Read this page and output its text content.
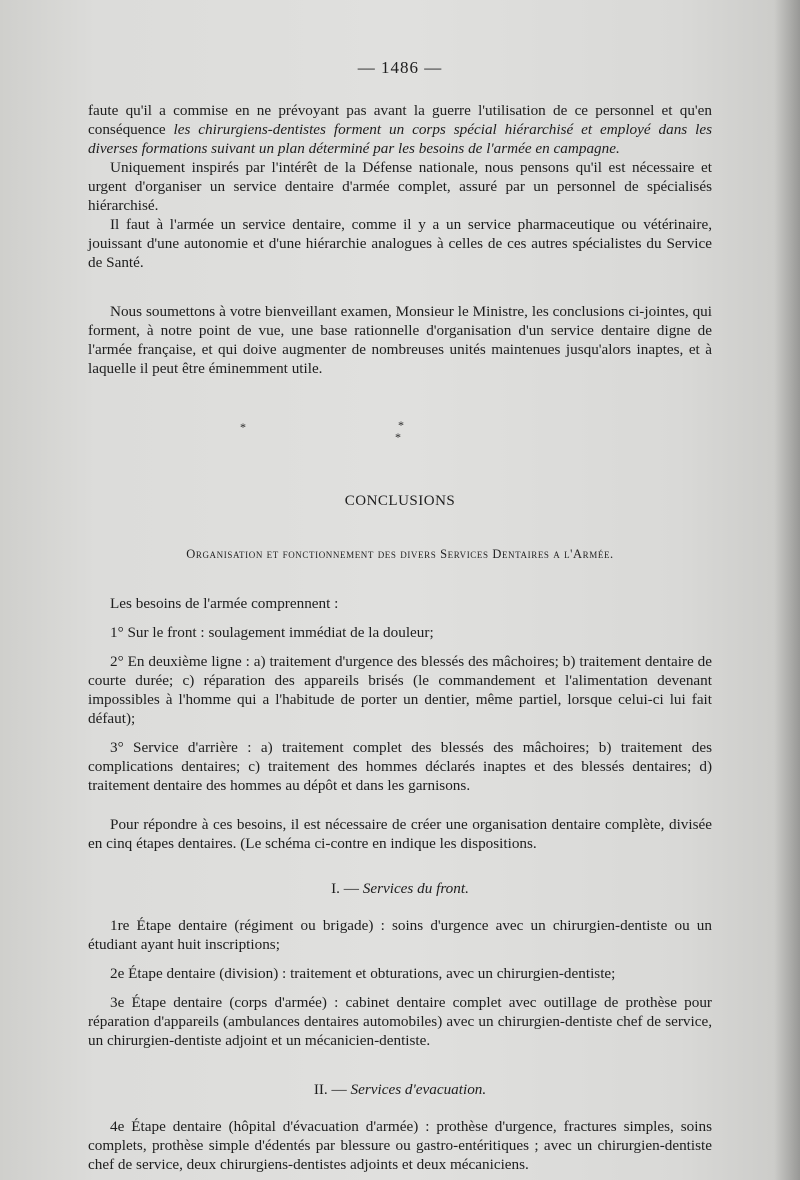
— 1486 —

faute qu'il a commise en ne prévoyant pas avant la guerre l'utilisation de ce personnel et qu'en conséquence les chirurgiens-dentistes forment un corps spécial hiérarchisé et employé dans les diverses formations suivant un plan déterminé par les besoins de l'armée en campagne.

Uniquement inspirés par l'intérêt de la Défense nationale, nous pensons qu'il est nécessaire et urgent d'organiser un service dentaire d'armée complet, assuré par un personnel de spécialisés hiérarchisé.

Il faut à l'armée un service dentaire, comme il y a un service pharmaceutique ou vétérinaire, jouissant d'une autonomie et d'une hiérarchie analogues à celles de ces autres spécialistes du Service de Santé.

Nous soumettons à votre bienveillant examen, Monsieur le Ministre, les conclusions ci-jointes, qui forment, à notre point de vue, une base rationnelle d'organisation d'un service dentaire digne de l'armée française, et qui doive augmenter de nombreuses unités maintenues jusqu'alors inaptes, et à laquelle il peut être éminemment utile.

*	*
*
CONCLUSIONS
Organisation et fonctionnement des divers Services Dentaires a l'Armée.

Les besoins de l'armée comprennent :

1° Sur le front : soulagement immédiat de la douleur;

2° En deuxième ligne : a) traitement d'urgence des blessés des mâchoires; b) traitement dentaire de courte durée; c) réparation des appareils brisés (le commandement et l'alimentation devenant impossibles à l'homme qui a l'habitude de porter un dentier, même partiel, lorsque celui-ci lui fait défaut);

3° Service d'arrière : a) traitement complet des blessés des mâchoires; b) traitement des complications dentaires; c) traitement des hommes déclarés inaptes et des blessés dentaires; d) traitement dentaire des hommes au dépôt et dans les garnisons.

Pour répondre à ces besoins, il est nécessaire de créer une organisation dentaire complète, divisée en cinq étapes dentaires. (Le schéma ci-contre en indique les dispositions.

I. — Services du front.

1re Étape dentaire (régiment ou brigade) : soins d'urgence avec un chirurgien-dentiste ou un étudiant ayant huit inscriptions;

2e Étape dentaire (division) : traitement et obturations, avec un chirurgien-dentiste;

3e Étape dentaire (corps d'armée) : cabinet dentaire complet avec outillage de prothèse pour réparation d'appareils (ambulances dentaires automobiles) avec un chirurgien-dentiste chef de service, un chirurgien-dentiste adjoint et un mécanicien-dentiste.

II. — Services d'evacuation.

4e Étape dentaire (hôpital d'évacuation d'armée) : prothèse d'urgence, fractures simples, soins complets, prothèse simple d'édentés par blessure ou gastro-entéritiques ; avec un chirurgien-dentiste chef de service, deux chirurgiens-dentistes adjoints et deux mécaniciens.
